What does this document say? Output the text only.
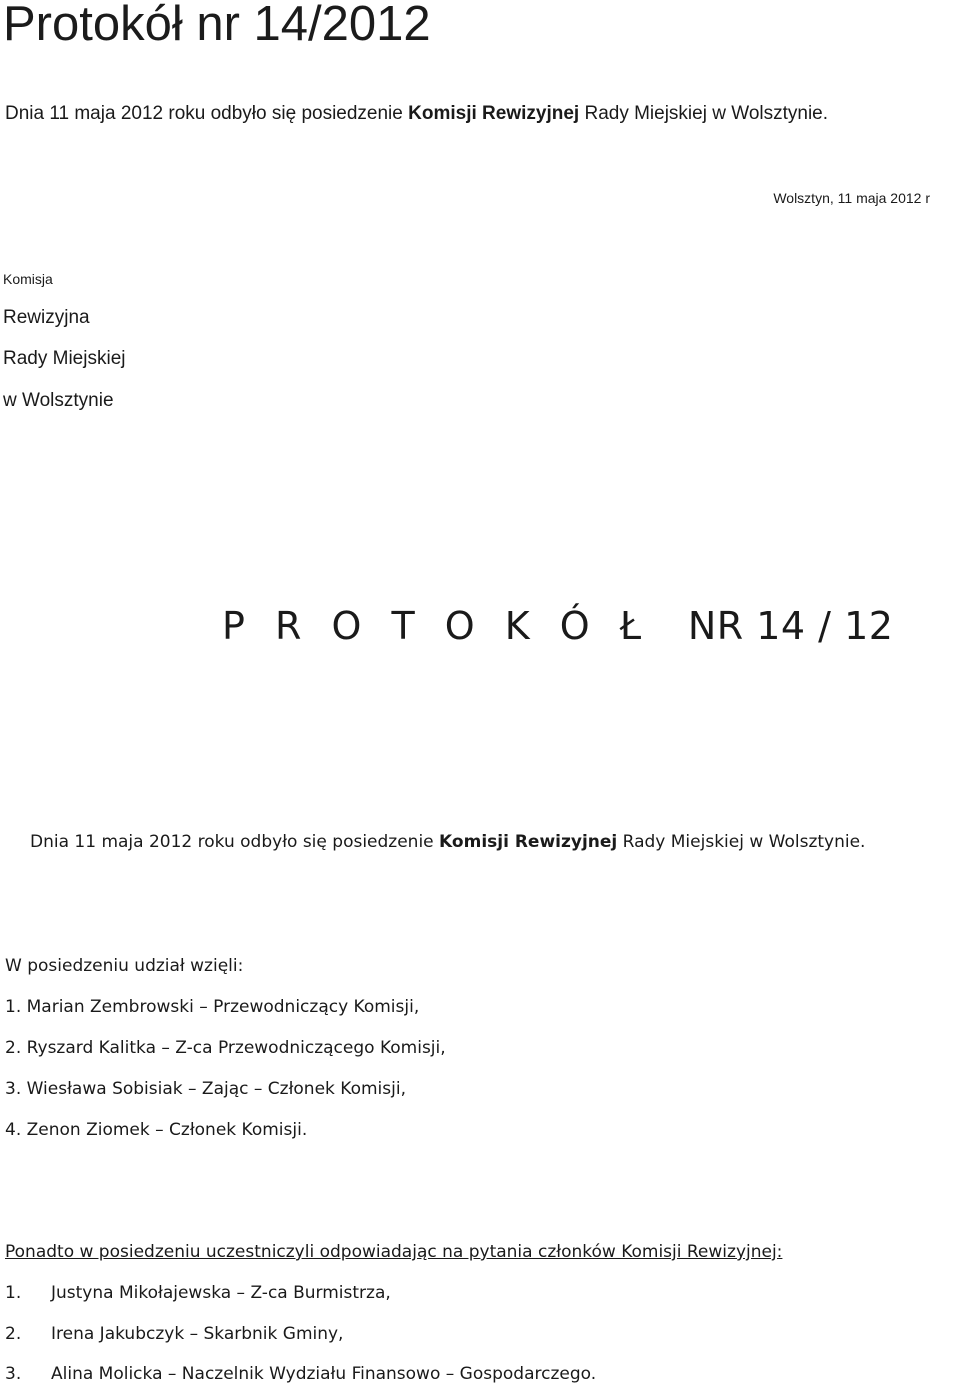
Protokół nr 14/2012
Dnia 11 maja 2012 roku odbyło się posiedzenie Komisji Rewizyjnej Rady Miejskiej w Wolsztynie.
Wolsztyn, 11 maja 2012 r
Komisja
Rewizyjna
Rady Miejskiej
w Wolsztynie
P R O T O K Ó Ł NR 14 / 12
Dnia 11 maja 2012 roku odbyło się posiedzenie Komisji Rewizyjnej Rady Miejskiej w Wolsztynie.
W posiedzeniu udział wzięli:
1. Marian Zembrowski – Przewodniczący Komisji,
2. Ryszard Kalitka – Z-ca Przewodniczącego Komisji,
3. Wiesława Sobisiak – Zając – Członek Komisji,
4. Zenon Ziomek – Członek Komisji.
Ponadto w posiedzeniu uczestniczyli odpowiadając na pytania członków Komisji Rewizyjnej:
1. Justyna Mikołajewska – Z-ca Burmistrza,
2. Irena Jakubczyk – Skarbnik Gminy,
3. Alina Molicka – Naczelnik Wydziału Finansowo – Gospodarczego.
